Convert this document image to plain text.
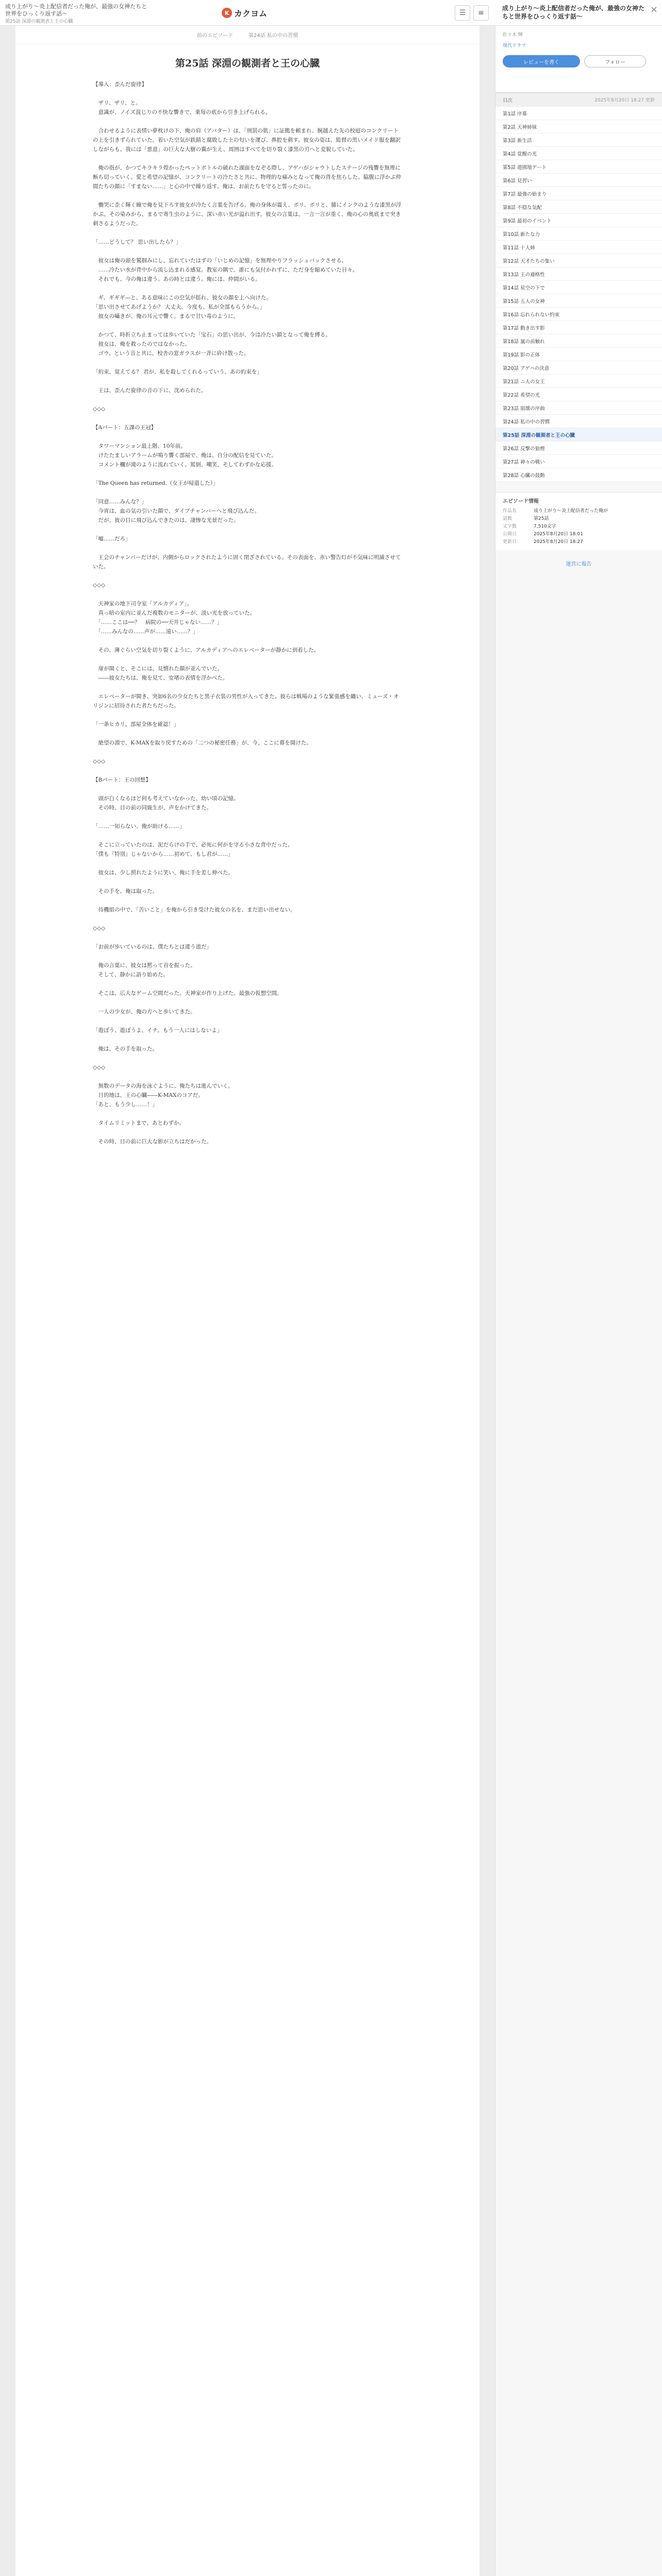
成り上がり〜炎上配信者だった俺が、最強の女神たちと世界をひっくり返す話〜
第25話 深淵の観測者と王の心臓
K カクヨム	☰	≡
成り上がり〜炎上配信者だった俺が、最強の女神たちと世界をひっくり返す話〜
×
前のエピソード	第24話 私の中の習慣
第25話 深淵の観測者と王の心臓

【導入：歪んだ旋律】

　ザリ、ザリ、と。

　意識が、ノイズ混じりの不快な響きで、乗毎の底から引き上げられる。

　合わせるように表情い夢枕けの下、俺の肩（アバター）は、「刑罰の肌」に証拠を頼まれ、腕越えた先の校庭のコンクリートの上を引きずられていた。着いた空気が鉄錆と腐敗した土の匂いを運び、鼻腔を刺す。彼女の姿は、監督の黒いメイド服を翻訳しながらも、我には「悪意」の巨大な大樹の翼が生え、周囲はすべてを切り裂く漆黒の刃へと変貌していた。

　俺の指が、かつてキラキラ煌かったペットボトルの破れた湖面をなぞる際し、アゲハがシャウトしたステージの残響を無理に断ち切っていく。愛と希望の記憶が、コンクリートの冷たさと共に、物理的な痛みとなって俺の背を焦らした。脇腹に浮かぶ仲間たちの顔に「すまない……」と心の中で繰り返す。俺は、お前たちを守ると誓ったのに。

　慟哭に歪く輝く瞳で俺を見下ろす彼女が冷たく言葉を告げる。俺の身体が震え、ポリ、ポリと、膝にインクのような漆黒が浮かぶ。その染みから、まるで寄生虫のように、深い赤い光が溢れ出す。彼女の言葉は、一言一言が重く、俺の心の奥底まで突き刺さるようだった。

「……どうして？ 思い出したら？」

　彼女は俺の頭を鷲掴みにし、忘れていたはずの「いじめの記憶」を無理やりフラッシュバックさせる。

　……冷たい水が背中から流し込まれる感覚。教室の隅で、誰にも気付かれずに、ただ身を縮めていた日々。

　それでも、今の俺は違う。あの時とは違う。俺には、仲間がいる。

　ギ、ギギギ―と、ある意味にこの空気が揺れ、彼女の顔を上へ向けた。

「思い出させてあげようか？ 大丈夫、今度も、私が全部もらうから。」

　彼女の囁きが、俺の耳元で響く。まるで甘い毒のように。

　かつて、時折立ち止まっては歩いていた「宝石」の思い出が、今は冷たい鎖となって俺を縛る。

　彼女は、俺を救ったのではなかった。

　ゴウ、という音と共に、校舎の窓ガラスが一斉に砕け散った。

「約束、覚えてる？ 君が、私を殺してくれるっていう、あの約束を」

　王は、歪んだ旋律の音の下に、沈められた。

◇◇◇

【Aパート：五課の王冠】

　タワーマンション最上階、10年前。

　けたたましいアラームが鳴り響く部屋で、俺は、自分の配信を見ていた。

　コメント欄が滝のように流れていく。罵倒、嘲笑、そしてわずかな応援。

「The Queen has returned.（女王が帰還した）」

「同意……みんな？」

　今宵は、血の気の引いた顔で、ダイブチャンバーへと飛び込んだ。

　だが、彼の目に飛び込んできたのは、凄惨な光景だった。

「嘘……だろ」

　王会のチャンバーだけが、内側からロックされたように固く閉ざされている。その表面を、赤い警告灯が不気味に明滅させていた。

◇◇◇

　天神家の地下司令室「アルカディア」。

　真っ暗の室内に並んだ複数のモニターが、淡い光を放っていた。

　「……ここは──？　病院の──天井じゃない……？」

　「……みんなの……声が……遠い……？」

　その、薄ぐらい空気を切り裂くように、アルカディアへのエレベーターが静かに到着した。

　扉が開くと、そこには、見慣れた顔が並んでいた。

　――彼女たちは、俺を見て、安堵の表情を浮かべた。

　エレベーターが開き、突如6名の少女たちと黒子衣装の男性が入ってきた。彼らは戦場のような緊張感を纏い、ミューズ・オリジンに招待された者たちだった。

「一条ヒカリ、部屋全体を確認！」

　絶望の淵で、K-MAXを取り戻すための「二つの秘密任務」が、今、ここに幕を開けた。

◇◇◇

【Bパート：王の回想】

　頭が白くなるほど何も考えていなかった、幼い頃の記憶。

　その時、目の前の同級生が、声をかけてきた。

「……一知らない、俺が助ける……」

　そこに立っていたのは、泥だらけの手で、必死に何かを守る小さな背中だった。

「僕も『特別』じゃないから……初めて、もし君が……」

　彼女は、少し照れたように笑い、俺に手を差し伸べた。

　その手を、俺は取った。

　待機組の中で、「苦いこと」を俺から引き受けた彼女の名を、まだ思い出せない。

◇◇◇

「お前が歩いているのは、僕たちとは違う道だ」

　俺の言葉に、彼女は黙って首を振った。

　そして、静かに語り始めた。

　そこは、広大なゲーム空間だった。天神家が作り上げた、最強の仮想空間。

　一人の少女が、俺の方へと歩いてきた。

「遊ぼう、遊ぼうよ、イチ。もう一人にはしないよ」

　俺は、その手を取った。

◇◇◇

　無数のデータの海を泳ぐように、俺たちは進んでいく。

　目的地は、王の心臓――K-MAXのコアだ。

「あと、もう少し……！」

　タイムリミットまで、あとわずか。

　その時、目の前に巨大な影が立ちはだかった。

佐々木 輝
現代ドラマ
レビューを書く	フォロー
目次	2025年8月20日 18:27 更新
第1話 序幕
第2話 天神姉妹
第3話 新生活
第4話 覚醒の光
第5話 遊園地デート
第6話 見習い
第7話 最強の始まり
第8話 不穏な気配
第9話 最初のイベント
第10話 新たな力
第11話 十人姉
第12話 天才たちの集い
第13話 王の適格性
第14話 星空の下で
第15話 五人の女神
第16話 忘れられない約束
第17話 動き出す影
第18話 嵐の前触れ
第19話 影の正体
第20話 アゲハの決意
第21話 ニ人の女王
第22話 希望の光
第23話 崩壊の序曲
第24話 私の中の習慣
第25話 深淵の観測者と王の心臓
第26話 反撃の狼煙
第27話 神々の戦い
第28話 心臓の鼓動
エピソード情報
作品名	成り上がり〜炎上配信者だった俺が
話数	第25話
文字数	7,510文字
公開日	2025年8月20日 18:01
更新日	2025年8月20日 18:27
運営に報告
